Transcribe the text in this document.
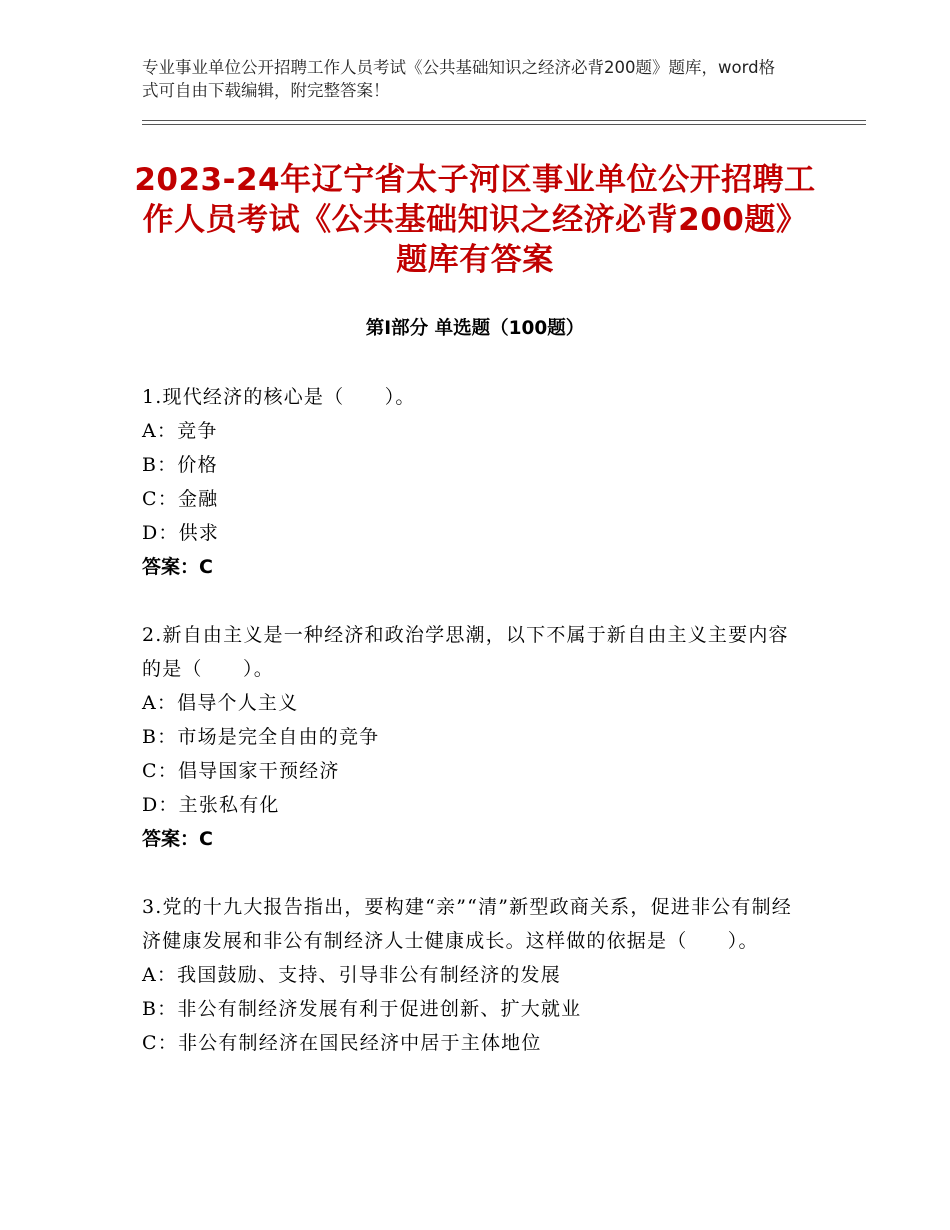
专业事业单位公开招聘工作人员考试《公共基础知识之经济必背200题》题库，word格式可自由下载编辑，附完整答案！
2023-24年辽宁省太子河区事业单位公开招聘工作人员考试《公共基础知识之经济必背200题》题库有答案
第Ⅰ部分 单选题（100题）
1.现代经济的核心是（　　）。
A：竞争
B：价格
C：金融
D：供求
答案：C
2.新自由主义是一种经济和政治学思潮，以下不属于新自由主义主要内容的是（　　）。
A：倡导个人主义
B：市场是完全自由的竞争
C：倡导国家干预经济
D：主张私有化
答案：C
3.党的十九大报告指出，要构建“亲”“清”新型政商关系，促进非公有制经济健康发展和非公有制经济人士健康成长。这样做的依据是（　　）。
A：我国鼓励、支持、引导非公有制经济的发展
B：非公有制经济发展有利于促进创新、扩大就业
C：非公有制经济在国民经济中居于主体地位
